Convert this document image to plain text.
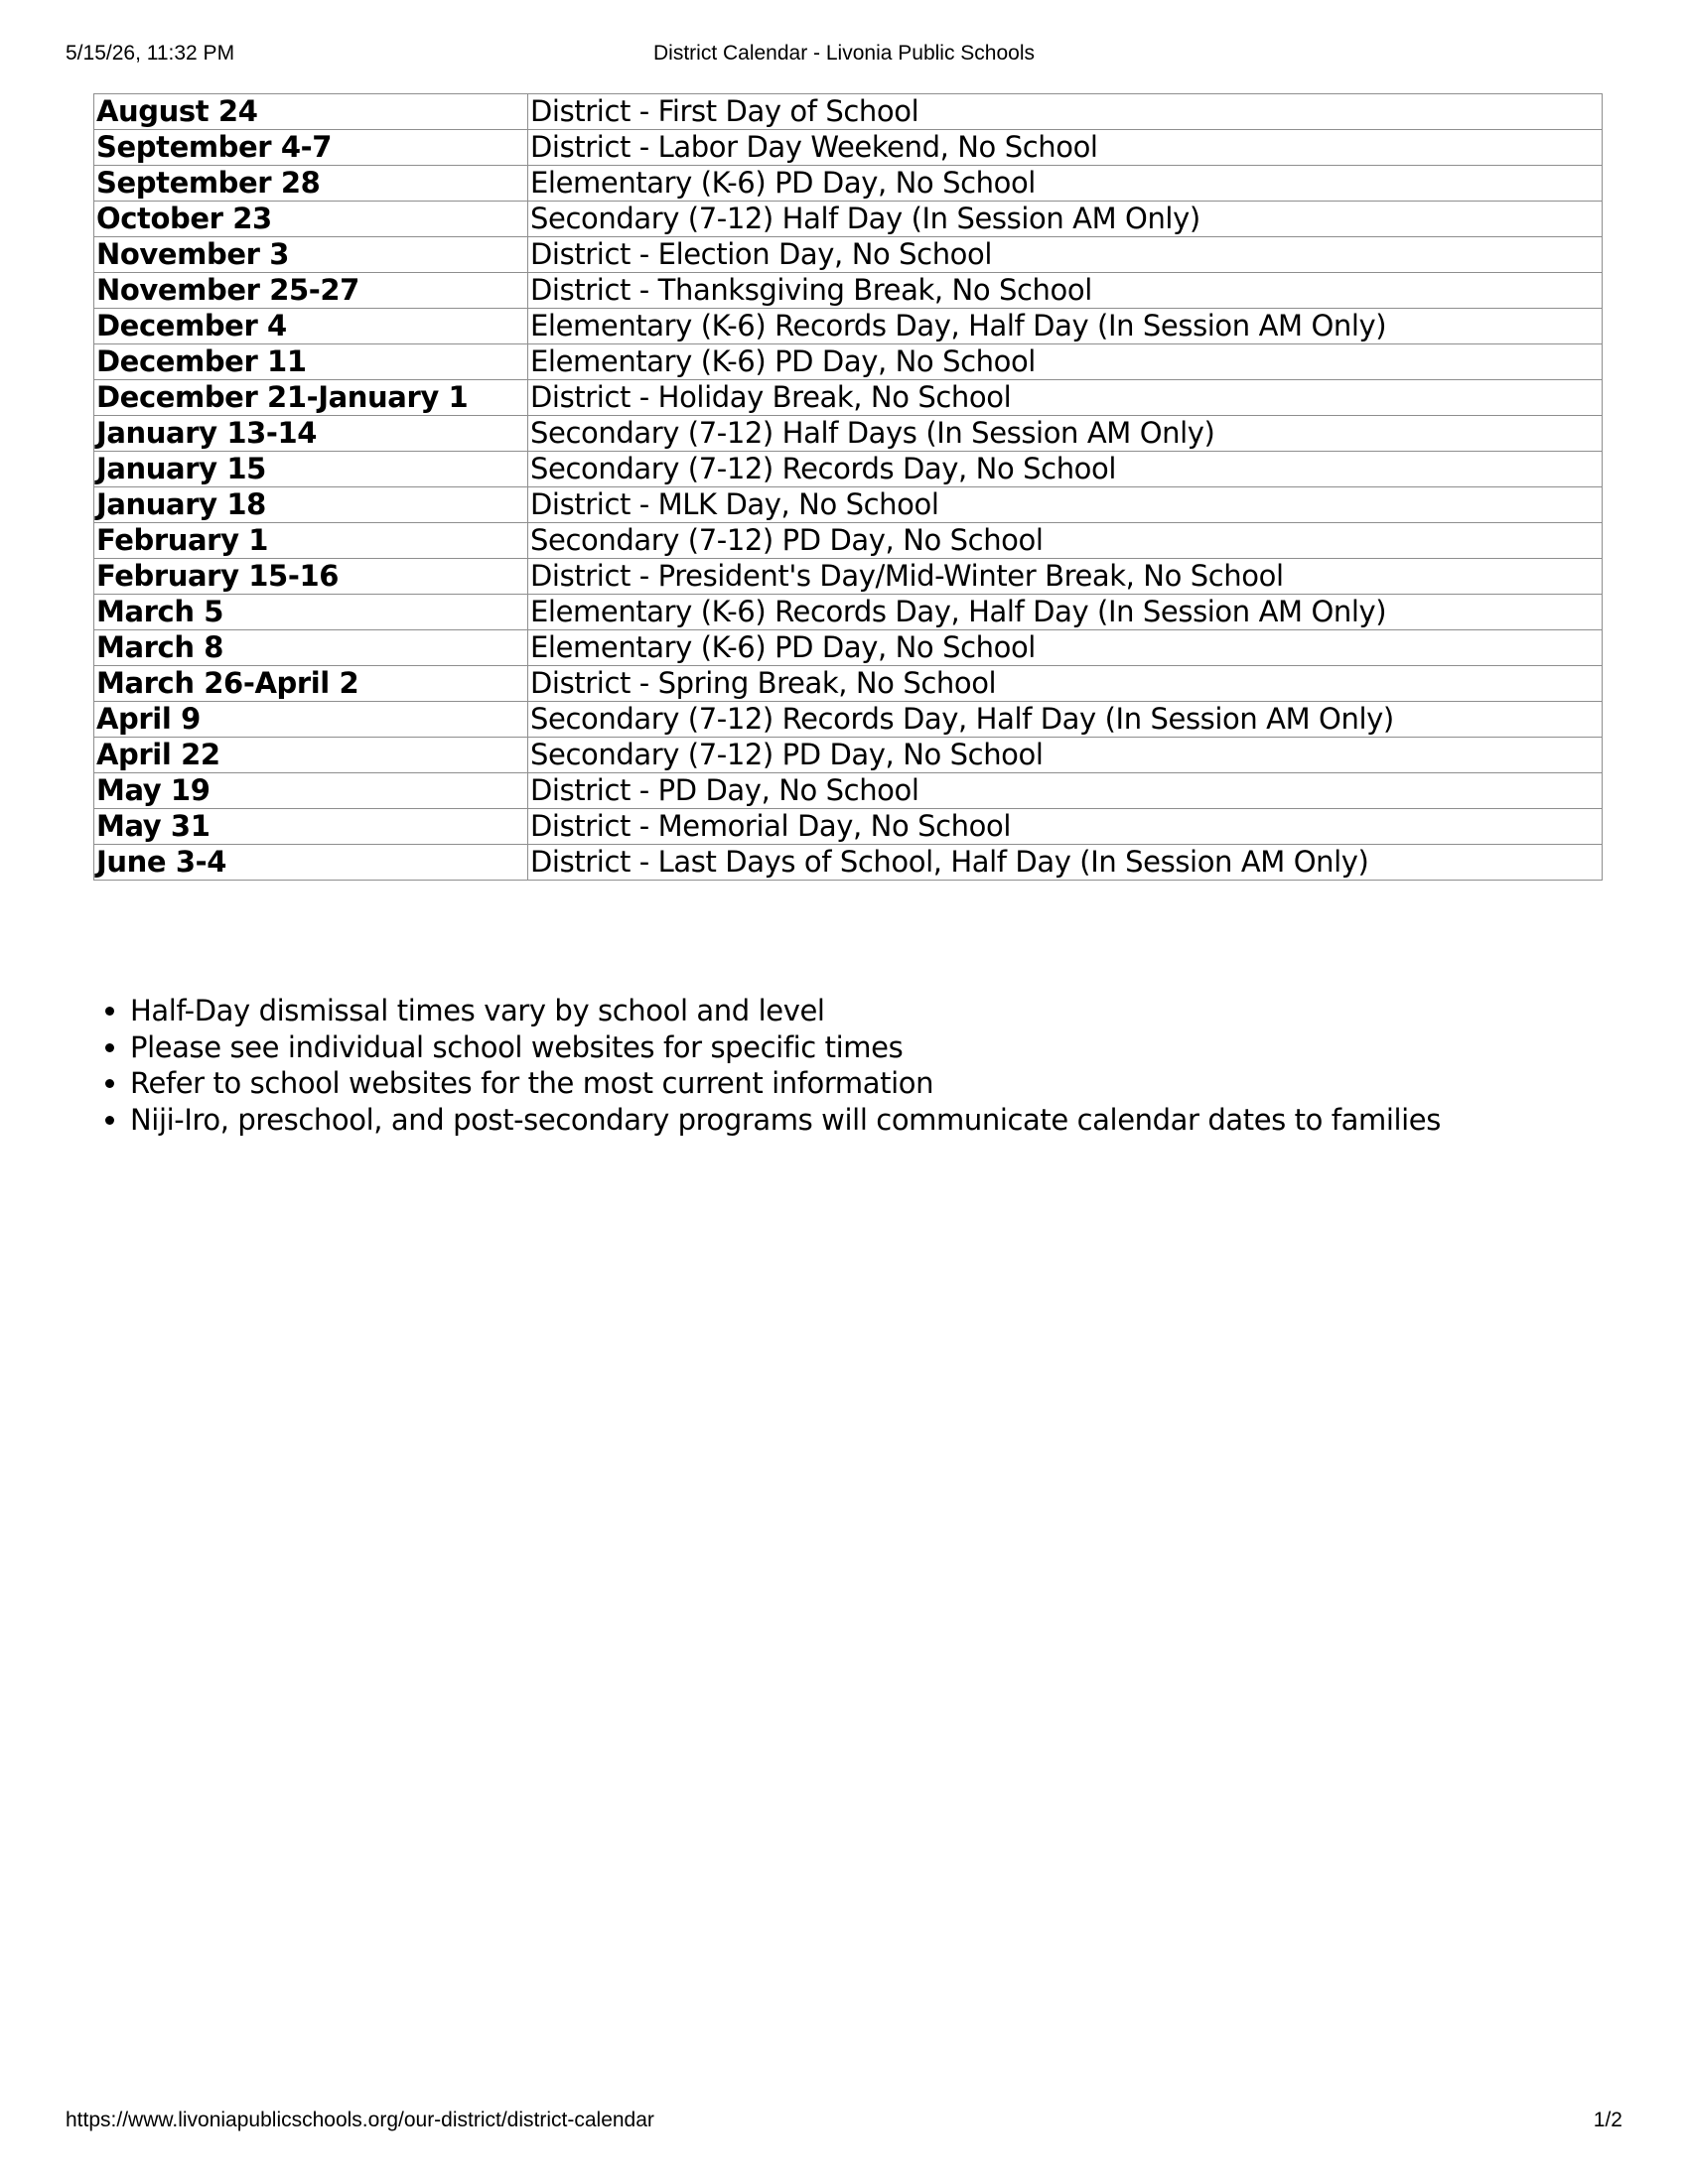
5/15/26, 11:32 PM	District Calendar - Livonia Public Schools
August 24	District - First Day of School
September 4-7	District - Labor Day Weekend, No School
September 28	Elementary (K-6) PD Day, No School
October 23	Secondary (7-12) Half Day (In Session AM Only)
November 3	District - Election Day, No School
November 25-27	District - Thanksgiving Break, No School
December 4	Elementary (K-6) Records Day, Half Day (In Session AM Only)
December 11	Elementary (K-6) PD Day, No School
December 21-January 1	District - Holiday Break, No School
January 13-14	Secondary (7-12) Half Days (In Session AM Only)
January 15	Secondary (7-12) Records Day, No School
January 18	District - MLK Day, No School
February 1	Secondary (7-12) PD Day, No School
February 15-16	District - President's Day/Mid-Winter Break, No School
March 5	Elementary (K-6) Records Day, Half Day (In Session AM Only)
March 8	Elementary (K-6) PD Day, No School
March 26-April 2	District - Spring Break, No School
April 9	Secondary (7-12) Records Day, Half Day (In Session AM Only)
April 22	Secondary (7-12) PD Day, No School
May 19	District - PD Day, No School
May 31	District - Memorial Day, No School
June 3-4	District - Last Days of School, Half Day (In Session AM Only)
• Half-Day dismissal times vary by school and level
• Please see individual school websites for specific times
• Refer to school websites for the most current information
• Niji-Iro, preschool, and post-secondary programs will communicate calendar dates to families
https://www.livoniapublicschools.org/our-district/district-calendar	1/2
